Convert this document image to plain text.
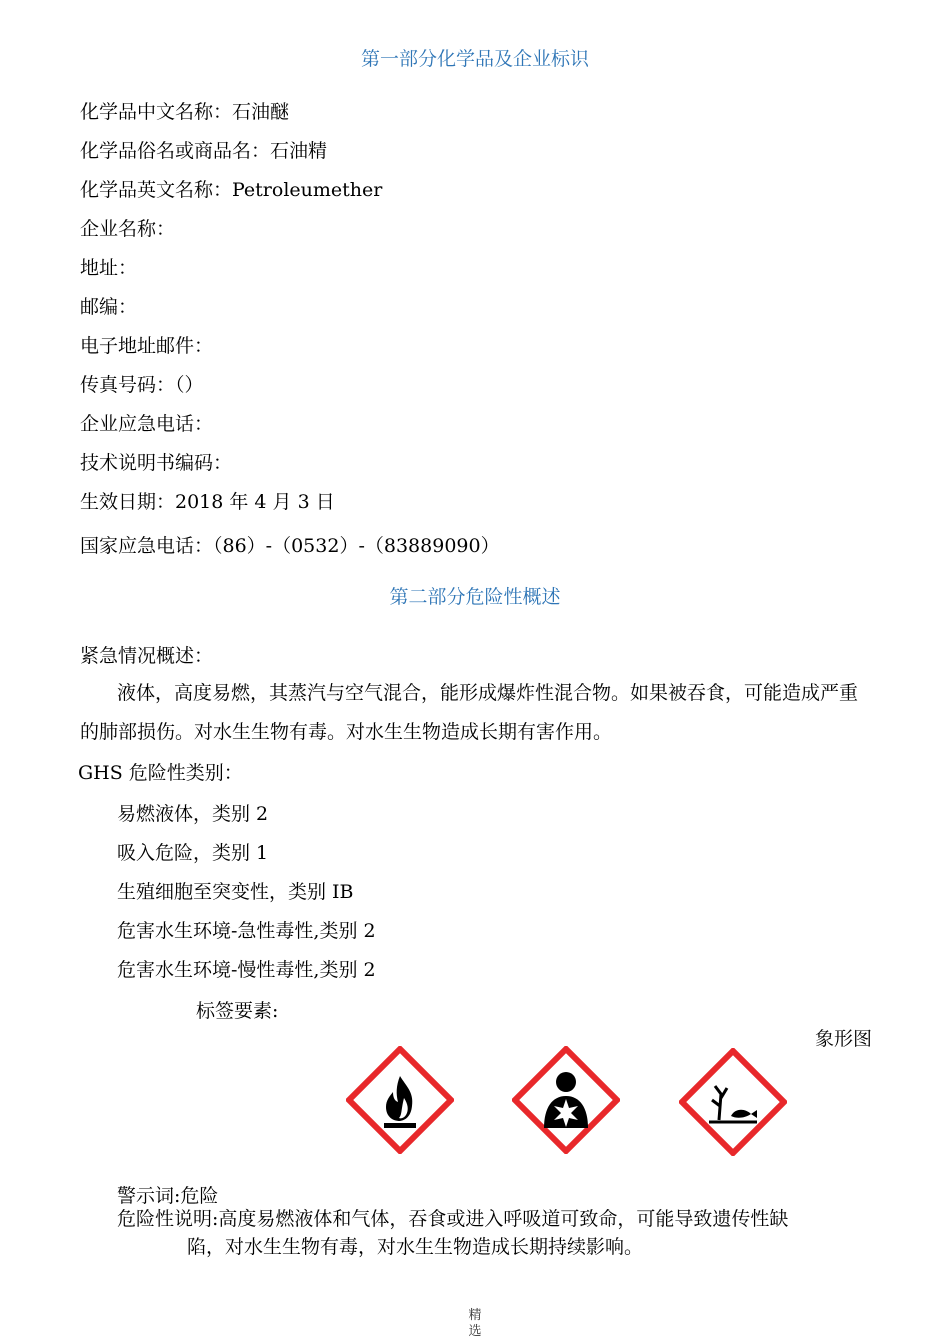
第一部分化学品及企业标识
化学品中文名称：石油醚
化学品俗名或商品名：石油精
化学品英文名称：Petroleumether
企业名称：
地址：
邮编：
电子地址邮件：
传真号码：（）
企业应急电话：
技术说明书编码：
生效日期：2018 年 4 月 3 日
国家应急电话：（86）-（0532）-（83889090）
第二部分危险性概述
紧急情况概述：
液体，高度易燃，其蒸汽与空气混合，能形成爆炸性混合物。如果被吞食，可能造成严重的肺部损伤。对水生生物有毒。对水生生物造成长期有害作用。
GHS 危险性类别：
易燃液体，类别 2
吸入危险，类别 1
生殖细胞至突变性，类别 IB
危害水生环境-急性毒性,类别 2
危害水生环境-慢性毒性,类别 2
标签要素:
象形图
警示词:危险
危险性说明:高度易燃液体和气体，吞食或进入呼吸道可致命，可能导致遗传性缺
陷，对水生生物有毒，对水生生物造成长期持续影响。
精
选
